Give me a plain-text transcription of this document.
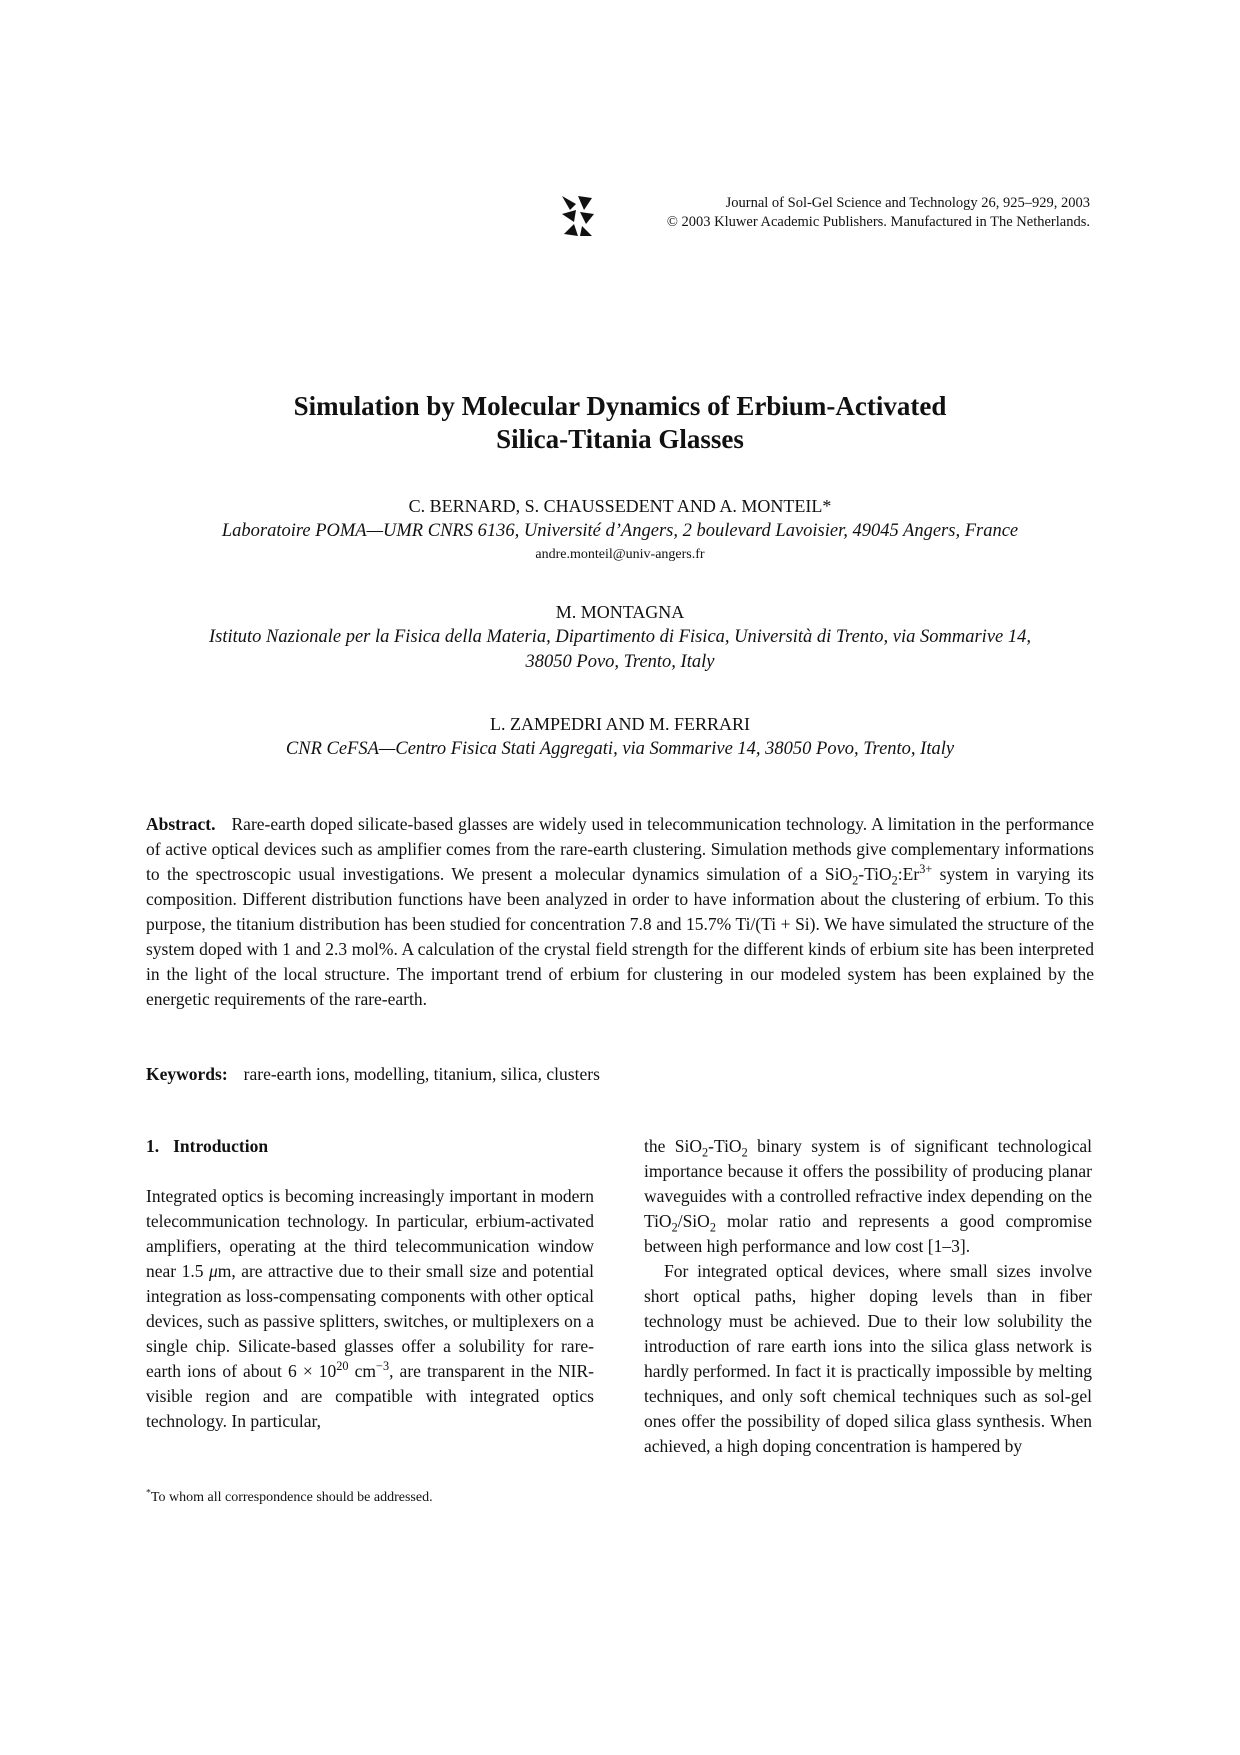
Journal of Sol-Gel Science and Technology 26, 925–929, 2003
© 2003 Kluwer Academic Publishers. Manufactured in The Netherlands.
Simulation by Molecular Dynamics of Erbium-Activated
Silica-Titania Glasses
C. BERNARD, S. CHAUSSEDENT AND A. MONTEIL*
Laboratoire POMA—UMR CNRS 6136, Université d’Angers, 2 boulevard Lavoisier, 49045 Angers, France
andre.monteil@univ-angers.fr
M. MONTAGNA
Istituto Nazionale per la Fisica della Materia, Dipartimento di Fisica, Università di Trento, via Sommarive 14,
38050 Povo, Trento, Italy
L. ZAMPEDRI AND M. FERRARI
CNR CeFSA—Centro Fisica Stati Aggregati, via Sommarive 14, 38050 Povo, Trento, Italy
Abstract. Rare-earth doped silicate-based glasses are widely used in telecommunication technology. A limitation in the performance of active optical devices such as amplifier comes from the rare-earth clustering. Simulation methods give complementary informations to the spectroscopic usual investigations. We present a molecular dynamics simulation of a $SiO_2-TiO_2:Er^{3+}$ system in varying its composition. Different distribution functions have been analyzed in order to have information about the clustering of erbium. To this purpose, the titanium distribution has been studied for concentration 7.8 and 15.7% Ti/(Ti + Si). We have simulated the structure of the system doped with 1 and 2.3 mol%. A calculation of the crystal field strength for the different kinds of erbium site has been interpreted in the light of the local structure. The important trend of erbium for clustering in our modeled system has been explained by the energetic requirements of the rare-earth.
Keywords: rare-earth ions, modelling, titanium, silica, clusters
1. Introduction

Integrated optics is becoming increasingly important in modern telecommunication technology. In particular, erbium-activated amplifiers, operating at the third telecommunication window near 1.5 μm, are attractive due to their small size and potential integration as loss-compensating components with other optical devices, such as passive splitters, switches, or multiplexers on a single chip. Silicate-based glasses offer a solubility for rare-earth ions of about $6 \times 10^{20}$ $cm^{-3}$, are transparent in the NIR-visible region and are compatible with integrated optics technology. In particular,

the SiO$_2$-TiO$_2$ binary system is of significant technological importance because it offers the possibility of producing planar waveguides with a controlled refractive index depending on the TiO$_2$/SiO$_2$ molar ratio and represents a good compromise between high performance and low cost [1–3].

For integrated optical devices, where small sizes involve short optical paths, higher doping levels than in fiber technology must be achieved. Due to their low solubility the introduction of rare earth ions into the silica glass network is hardly performed. In fact it is practically impossible by melting techniques, and only soft chemical techniques such as sol-gel ones offer the possibility of doped silica glass synthesis. When achieved, a high doping concentration is hampered by

*To whom all correspondence should be addressed.
